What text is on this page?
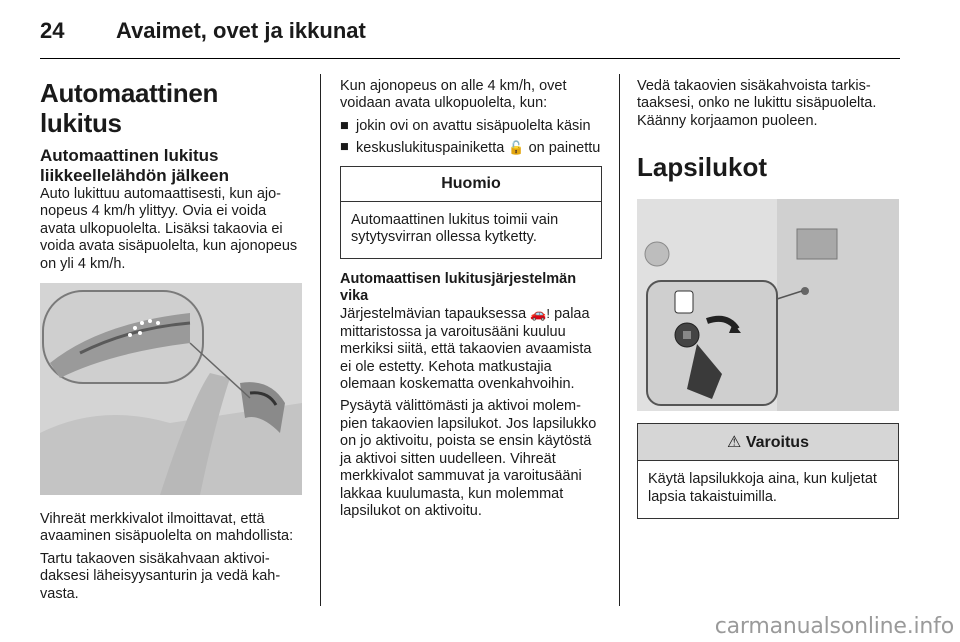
24 Avaimet, ovet ja ikkunat
Automaattinen lukitus
Automaattinen lukitus liikkeellelähdön jälkeen

Auto lukittuu automaattisesti, kun ajonopeus 4 km/h ylittyy. Ovia ei voida avata ulkopuolelta. Lisäksi takaovia ei voida avata sisäpuolelta, kun ajonopeus on yli 4 km/h.

Vihreät merkkivalot ilmoittavat, että avaaminen sisäpuolelta on mahdollista:

Tartu takaoven sisäkahvaan aktivoidaksesi läheisyysanturin ja vedä kahvasta.

Kun ajonopeus on alle 4 km/h, ovet voidaan avata ulkopuolelta, kun:

■ jokin ovi on avattu sisäpuolelta käsin
■ keskuslukituspainiketta 🔓 on painettu
Huomio
Automaattinen lukitus toimii vain sytytysvirran ollessa kytketty.
Automaattisen lukitusjärjestelmän vika

Järjestelmävian tapauksessa 🚗! palaa mittaristossa ja varoitusääni kuuluu merkiksi siitä, että takaovien avaamista ei ole estetty. Kehota matkustajia olemaan koskematta ovenkahvoihin.

Pysäytä välittömästi ja aktivoi molempien takaovien lapsilukot. Jos lapsilukko on jo aktivoitu, poista se ensin käytöstä ja aktivoi sitten uudelleen. Vihreät merkkivalot sammuvat ja varoitusääni lakkaa kuulumasta, kun molemmat lapsilukot on aktivoitu.

Vedä takaovien sisäkahvoista tarkistaaksesi, onko ne lukittu sisäpuolelta. Käänny korjaamon puoleen.

Lapsilukot
⚠ Varoitus
Käytä lapsilukkoja aina, kun kuljetat lapsia takaistuimilla.
carmanualsonline.info
